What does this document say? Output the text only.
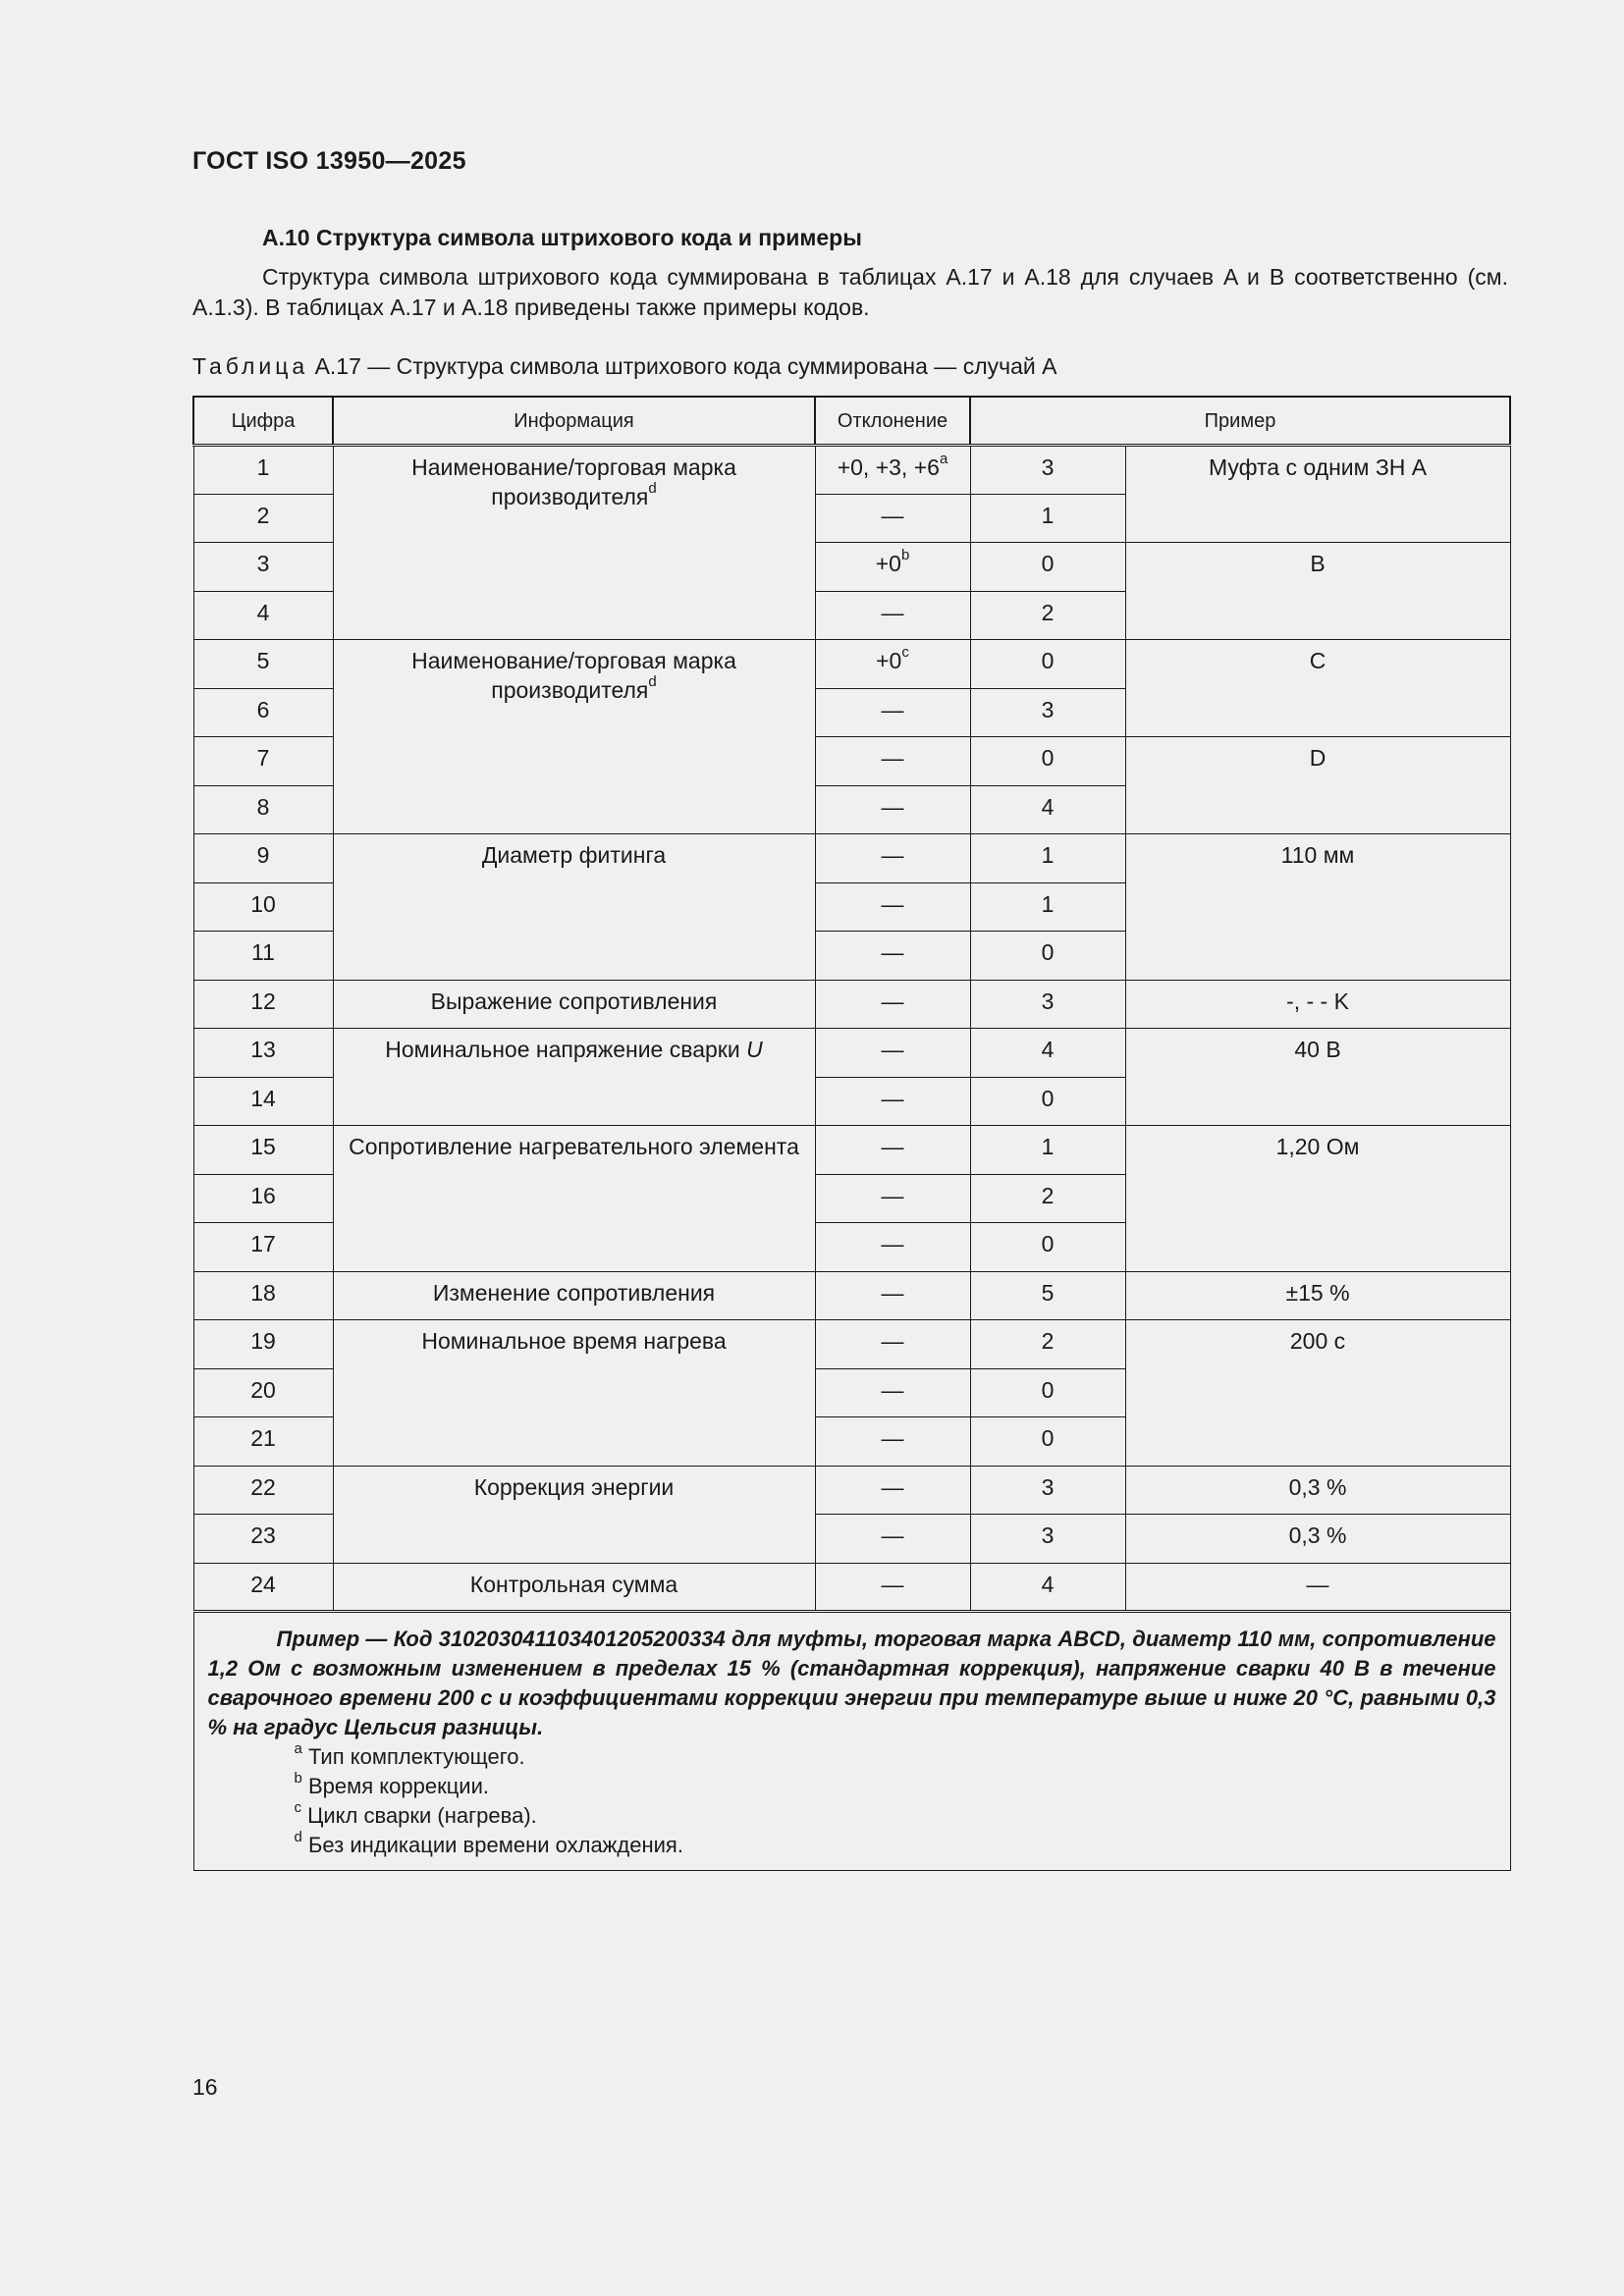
ГОСТ ISO 13950—2025
А.10 Структура символа штрихового кода и примеры
Структура символа штрихового кода суммирована в таблицах А.17 и А.18 для случаев A и B соответственно (см. А.1.3). В таблицах А.17 и А.18 приведены также примеры кодов.
Таблица А.17 — Структура символа штрихового кода суммирована — случай A
Цифра	Информация	Отклонение	Пример	
1	Наименование/торговая марка производителя$^d$	+0, +3, $+6^a$	3	Муфта с одним ЗН A
2		—	1	
3		$+0^b$	0	B
4		—	2	
5	Наименование/торговая марка производителя$^d$	$+0^c$	0	C
6		—	3	
7		—	0	D
8		—	4	
9	Диаметр фитинга	—	1	110 мм
10		—	1	
11		—	0	
12	Выражение сопротивления	—	3	-, - - K
13	Номинальное напряжение сварки U	—	4	40 В
14		—	0	
15	Сопротивление нагревательного элемента	—	1	1,20 Ом
16		—	2	
17		—	0	
18	Изменение сопротивления	—	5	±15 %
19	Номинальное время нагрева	—	2	200 с
20		—	0	
21		—	0	
22	Коррекция энергии	—	3	0,3 %
23		—	3	0,3 %
24	Контрольная сумма	—	4	—

Пример — Код 310203041103401205200334 для муфты, торговая марка ABCD, диаметр 110 мм, сопротивление 1,2 Ом с возможным изменением в пределах 15 % (стандартная коррекция), напряжение сварки 40 В в течение сварочного времени 200 с и коэффициентами коррекции энергии при температуре выше и ниже 20 °С, равными 0,3 % на градус Цельсия разницы.
$^a$ Тип комплектующего.
$^b$ Время коррекции.
$^c$ Цикл сварки (нагрева).
$^d$ Без индикации времени охлаждения.				
16
